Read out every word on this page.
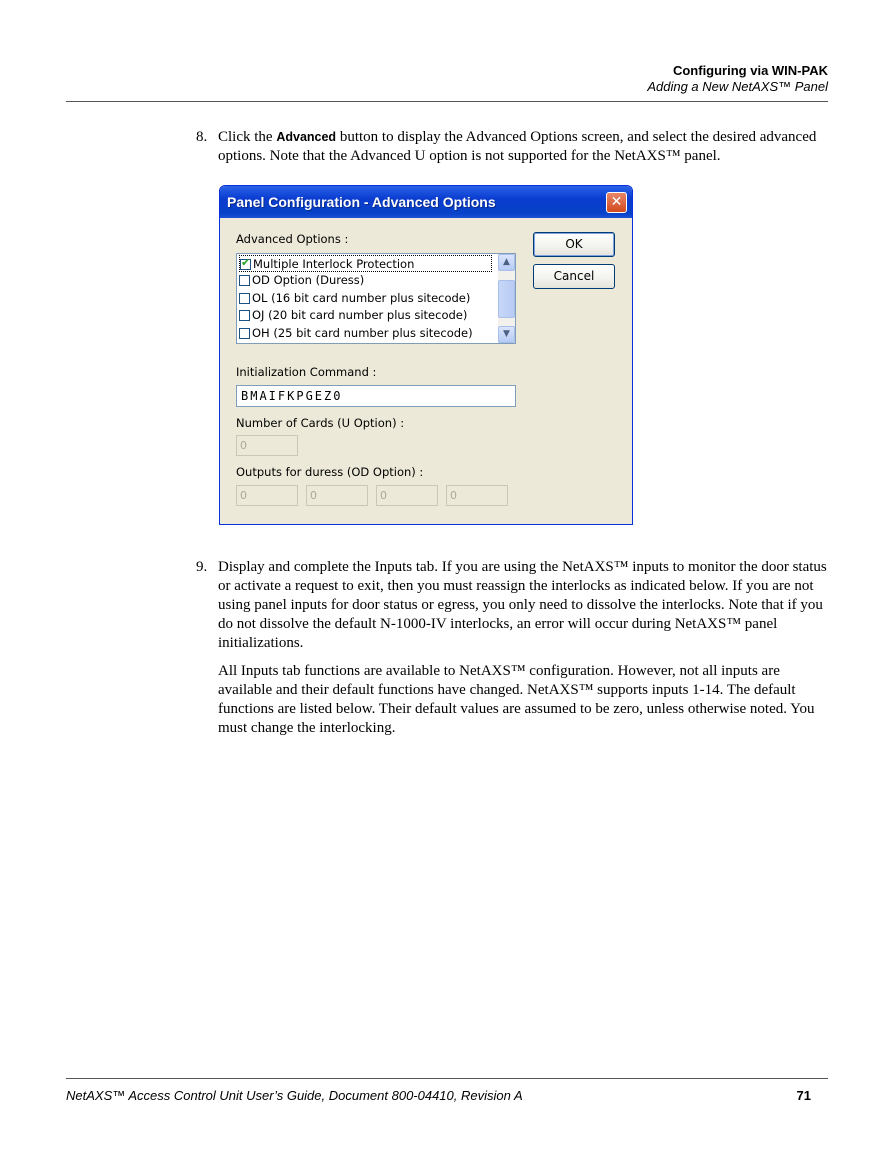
Configuring via WIN-PAK
Adding a New NetAXS™ Panel
8. Click the Advanced button to display the Advanced Options screen, and select the desired advanced options. Note that the Advanced U option is not supported for the NetAXS™ panel.
Panel Configuration - Advanced Options	✕
Advanced Options :
✔ Multiple Interlock Protection
OD Option (Duress)
OL (16 bit card number plus sitecode)
OJ (20 bit card number plus sitecode)
OH (25 bit card number plus sitecode)
▲
▼
OK
Cancel
Initialization Command :
BMAIFKPGEZ0
Number of Cards (U Option) :
0
Outputs for duress (OD Option) :
0	0	0	0
9. Display and complete the Inputs tab. If you are using the NetAXS™ inputs to monitor the door status or activate a request to exit, then you must reassign the interlocks as indicated below. If you are not using panel inputs for door status or egress, you only need to dissolve the interlocks. Note that if you do not dissolve the default N-1000-IV interlocks, an error will occur during NetAXS™ panel initializations.
All Inputs tab functions are available to NetAXS™ configuration. However, not all inputs are available and their default functions have changed. NetAXS™ supports inputs 1-14. The default functions are listed below. Their default values are assumed to be zero, unless otherwise noted. You must change the interlocking.
NetAXS™ Access Control Unit User’s Guide, Document 800-04410, Revision A	71
